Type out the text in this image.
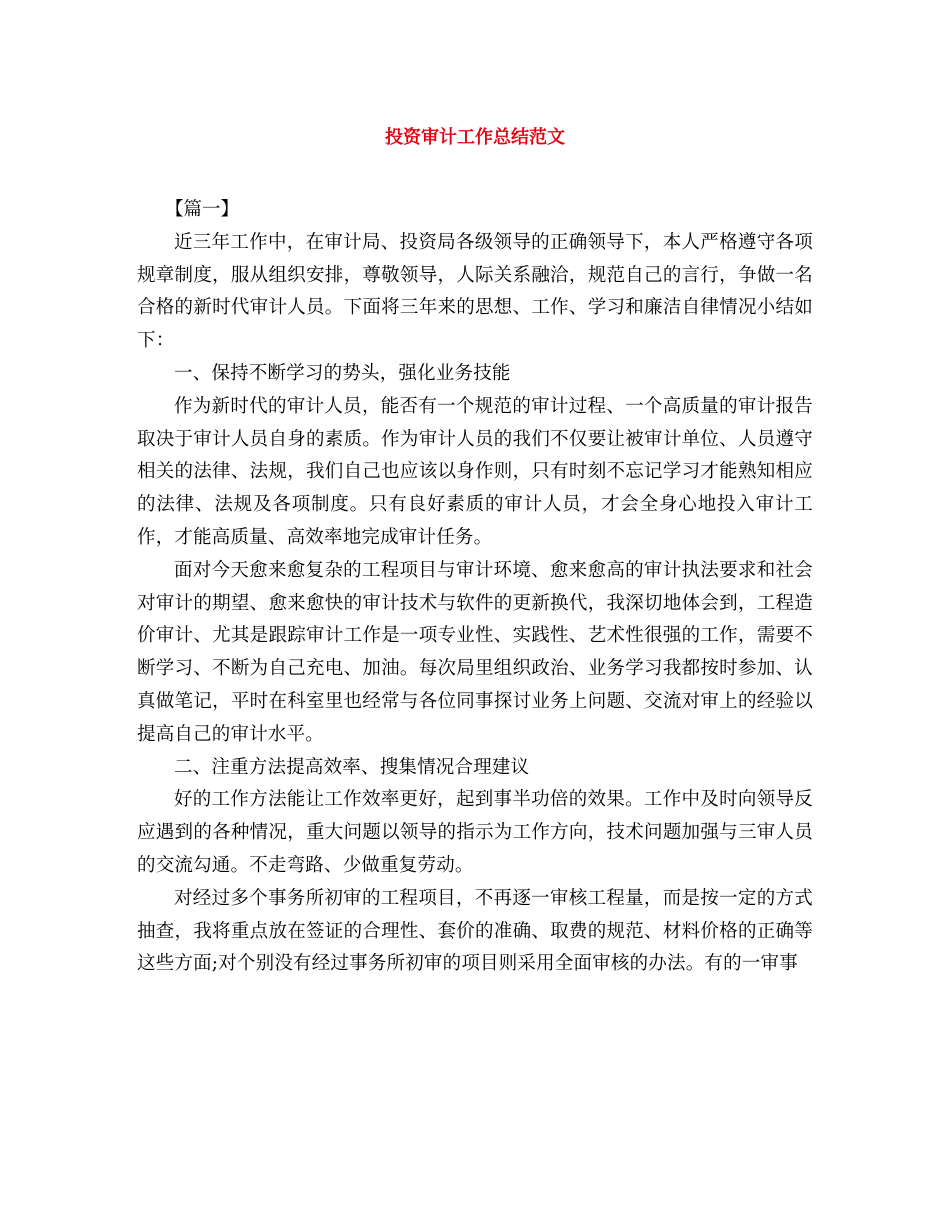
投资审计工作总结范文

【篇一】

近三年工作中，在审计局、投资局各级领导的正确领导下，本人严格遵守各项规章制度，服从组织安排，尊敬领导，人际关系融洽，规范自己的言行，争做一名合格的新时代审计人员。下面将三年来的思想、工作、学习和廉洁自律情况小结如下：

一、保持不断学习的势头，强化业务技能

作为新时代的审计人员，能否有一个规范的审计过程、一个高质量的审计报告取决于审计人员自身的素质。作为审计人员的我们不仅要让被审计单位、人员遵守相关的法律、法规，我们自己也应该以身作则，只有时刻不忘记学习才能熟知相应的法律、法规及各项制度。只有良好素质的审计人员，才会全身心地投入审计工作，才能高质量、高效率地完成审计任务。

面对今天愈来愈复杂的工程项目与审计环境、愈来愈高的审计执法要求和社会对审计的期望、愈来愈快的审计技术与软件的更新换代，我深切地体会到，工程造价审计、尤其是跟踪审计工作是一项专业性、实践性、艺术性很强的工作，需要不断学习、不断为自己充电、加油。每次局里组织政治、业务学习我都按时参加、认真做笔记，平时在科室里也经常与各位同事探讨业务上问题、交流对审上的经验以提高自己的审计水平。

二、注重方法提高效率、搜集情况合理建议

好的工作方法能让工作效率更好，起到事半功倍的效果。工作中及时向领导反应遇到的各种情况，重大问题以领导的指示为工作方向，技术问题加强与三审人员的交流勾通。不走弯路、少做重复劳动。

对经过多个事务所初审的工程项目，不再逐一审核工程量，而是按一定的方式抽查，我将重点放在签证的合理性、套价的准确、取费的规范、材料价格的正确等这些方面;对个别没有经过事务所初审的项目则采用全面审核的办法。有的一审事
